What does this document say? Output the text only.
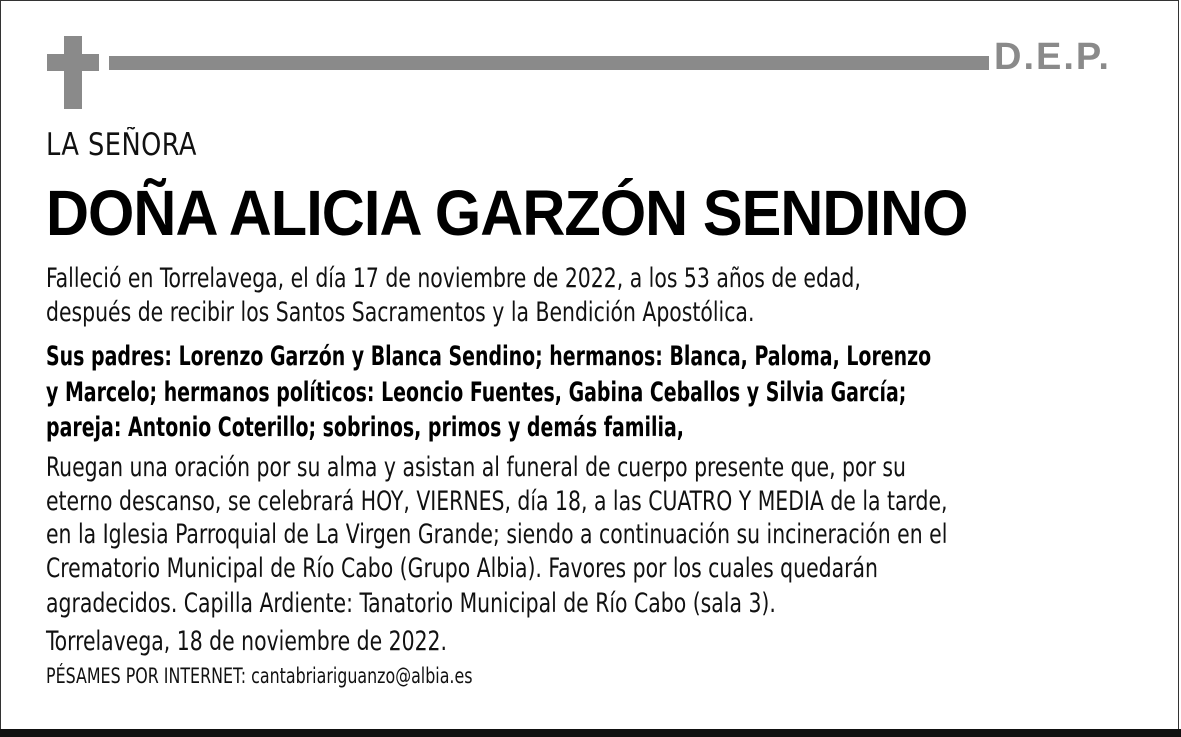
D.E.P.
LA SEÑORA
DOÑA ALICIA GARZÓN SENDINO
Falleció en Torrelavega, el día 17 de noviembre de 2022, a los 53 años de edad,
después de recibir los Santos Sacramentos y la Bendición Apostólica.
Sus padres: Lorenzo Garzón y Blanca Sendino; hermanos: Blanca, Paloma, Lorenzo
y Marcelo; hermanos políticos: Leoncio Fuentes, Gabina Ceballos y Silvia García;
pareja: Antonio Coterillo; sobrinos, primos y demás familia,
Ruegan una oración por su alma y asistan al funeral de cuerpo presente que, por su
eterno descanso, se celebrará HOY, VIERNES, día 18, a las CUATRO Y MEDIA de la tarde,
en la Iglesia Parroquial de La Virgen Grande; siendo a continuación su incineración en el
Crematorio Municipal de Río Cabo (Grupo Albia). Favores por los cuales quedarán
agradecidos. Capilla Ardiente: Tanatorio Municipal de Río Cabo (sala 3).
Torrelavega, 18 de noviembre de 2022.
PÉSAMES POR INTERNET: cantabriariguanzo@albia.es
